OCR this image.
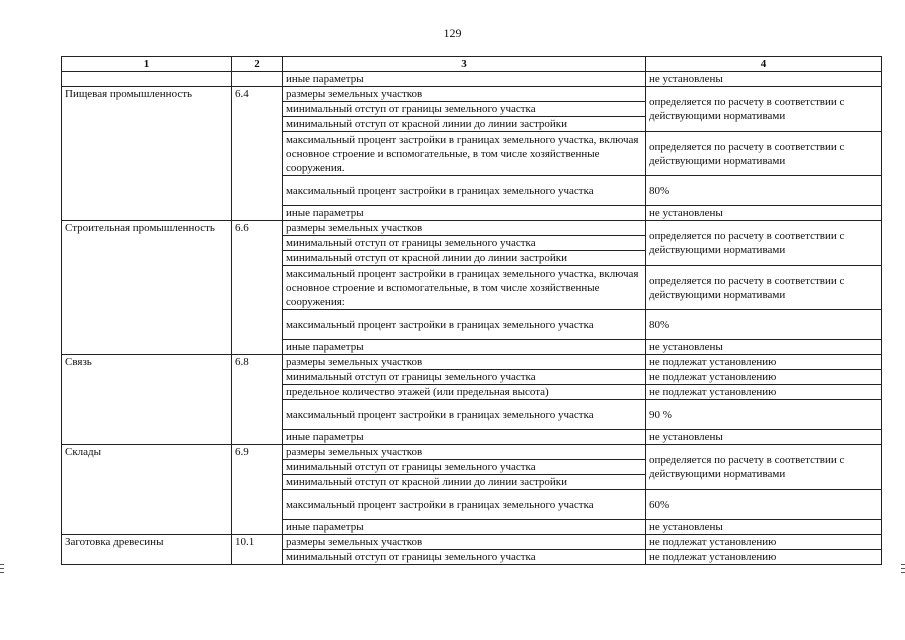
129
1	2	3	4
		иные параметры	не установлены
Пищевая промышленность	6.4	размеры земельных участков	определяется по расчету в соответствии с действующими нормативами
		минимальный отступ от границы земельного участка	
		минимальный отступ от красной линии до линии застройки	
		максимальный процент застройки в границах земельного участка, включая основное строение и вспомогательные, в том числе хозяйственные сооружения.	определяется по расчету в соответствии с действующими нормативами
		максимальный процент застройки в границах земельного участка	80%
		иные параметры	не установлены
Строительная промышленность	6.6	размеры земельных участков	определяется по расчету в соответствии с действующими нормативами
		минимальный отступ от границы земельного участка	
		минимальный отступ от красной линии до линии застройки	
		максимальный процент застройки в границах земельного участка, включая основное строение и вспомогательные, в том числе хозяйственные сооружения:	определяется по расчету в соответствии с действующими нормативами
		максимальный процент застройки в границах земельного участка	80%
		иные параметры	не установлены
Связь	6.8	размеры земельных участков	не подлежат установлению
		минимальный отступ от границы земельного участка	не подлежат установлению
		предельное количество этажей (или предельная высота)	не подлежат установлению
		максимальный процент застройки в границах земельного участка	90 %
		иные параметры	не установлены
Склады	6.9	размеры земельных участков	определяется по расчету в соответствии с действующими нормативами
		минимальный отступ от границы земельного участка	
		минимальный отступ от красной линии до линии застройки	
		максимальный процент застройки в границах земельного участка	60%
		иные параметры	не установлены
Заготовка древесины	10.1	размеры земельных участков	не подлежат установлению
		минимальный отступ от границы земельного участка	не подлежат установлению
